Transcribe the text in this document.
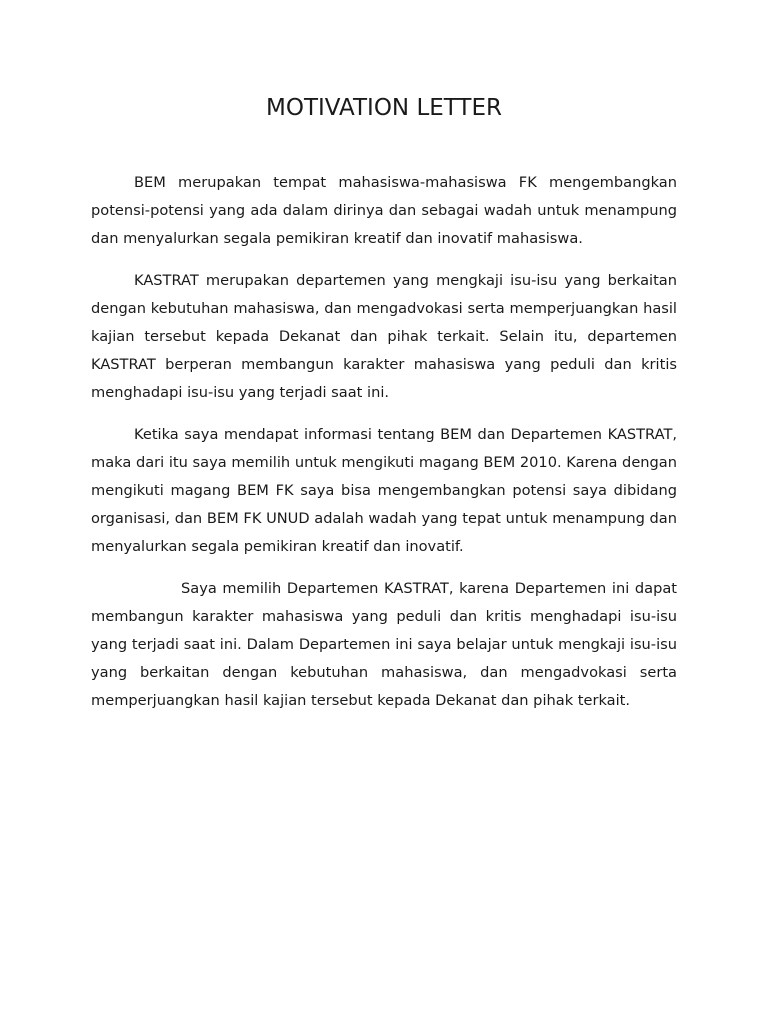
MOTIVATION LETTER

BEM merupakan tempat mahasiswa-mahasiswa FK mengembangkan potensi-potensi yang ada dalam dirinya dan sebagai wadah untuk menampung dan menyalurkan segala pemikiran kreatif dan inovatif mahasiswa.

KASTRAT merupakan departemen yang mengkaji isu-isu yang berkaitan dengan kebutuhan mahasiswa, dan mengadvokasi serta memperjuangkan hasil kajian tersebut kepada Dekanat dan pihak terkait. Selain itu, departemen KASTRAT berperan membangun karakter mahasiswa yang peduli dan kritis menghadapi isu-isu yang terjadi saat ini.

Ketika saya mendapat informasi tentang BEM dan Departemen KASTRAT, maka dari itu saya memilih untuk mengikuti magang BEM 2010. Karena dengan mengikuti magang BEM FK saya bisa mengembangkan potensi saya dibidang organisasi, dan BEM FK UNUD adalah wadah yang tepat untuk menampung dan menyalurkan segala pemikiran kreatif dan inovatif.

Saya memilih Departemen KASTRAT, karena Departemen ini dapat membangun karakter mahasiswa yang peduli dan kritis menghadapi isu-isu yang terjadi saat ini. Dalam Departemen ini saya belajar untuk mengkaji isu-isu yang berkaitan dengan kebutuhan mahasiswa, dan mengadvokasi serta memperjuangkan hasil kajian tersebut kepada Dekanat dan pihak terkait.
